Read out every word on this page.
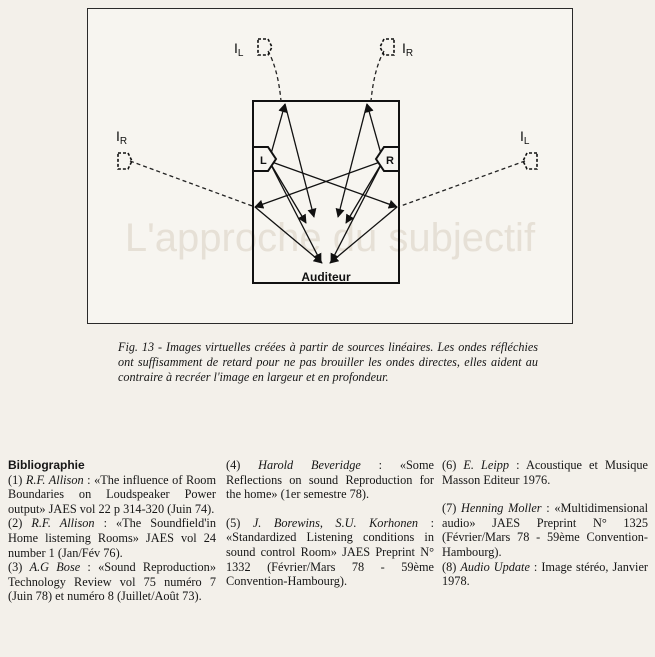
L'approche du subjectif
L	R
$I_L$	$I_R$
$I_R$	$I_L$
Auditeur

Fig. 13 - Images virtuelles créées à partir de sources linéaires. Les ondes réfléchies ont suffisamment de retard pour ne pas brouiller les ondes directes, elles aident au contraire à recréer l'image en largeur et en profondeur.

Bibliographie

(1) R.F. Allison : «The influence of Room Boundaries on Loudspeaker Power output» JAES vol 22 p 314-320 (Juin 74).

(2) R.F. Allison : «The Soundfield'in Home listeming Rooms» JAES vol 24 number 1 (Jan/Fév 76).

(3) A.G Bose : «Sound Reproduction» Technology Review vol 75 numéro 7 (Juin 78) et numéro 8 (Juillet/Août 73).

(4) Harold Beveridge : «Some Reflections on sound Reproduction for the home» (1er semestre 78).

(5) J. Borewins, S.U. Korhonen : «Standardized Listening conditions in sound control Room» JAES Preprint N° 1332 (Février/Mars 78 - 59ème Convention-Hambourg).

(6) E. Leipp : Acoustique et Musique Masson Editeur 1976.

(7) Henning Moller : «Multidimensional audio» JAES Preprint N° 1325 (Février/Mars 78 - 59ème Convention-Hambourg).

(8) Audio Update : Image stéréo, Janvier 1978.
